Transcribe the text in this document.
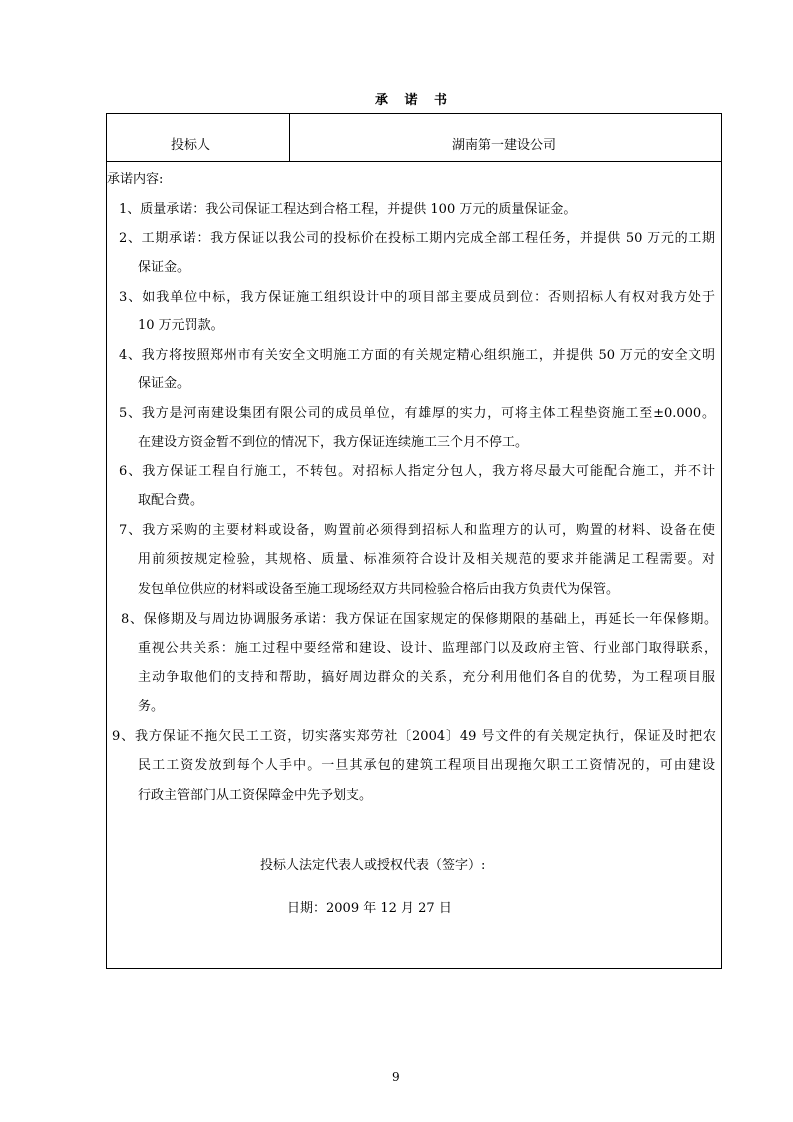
承 诺 书
投标人	湖南第一建设公司
承诺内容:
1、质量承诺：我公司保证工程达到合格工程，并提供 100 万元的质量保证金。
2、工期承诺：我方保证以我公司的投标价在投标工期内完成全部工程任务，并提供 50 万元的工期
保证金。
3、如我单位中标，我方保证施工组织设计中的项目部主要成员到位：否则招标人有权对我方处于
10 万元罚款。
4、我方将按照郑州市有关安全文明施工方面的有关规定精心组织施工，并提供 50 万元的安全文明
保证金。
5、我方是河南建设集团有限公司的成员单位，有雄厚的实力，可将主体工程垫资施工至±0.000。
在建设方资金暂不到位的情况下，我方保证连续施工三个月不停工。
6、我方保证工程自行施工，不转包。对招标人指定分包人，我方将尽最大可能配合施工，并不计
取配合费。
7、我方采购的主要材料或设备，购置前必须得到招标人和监理方的认可，购置的材料、设备在使
用前须按规定检验，其规格、质量、标准须符合设计及相关规范的要求并能满足工程需要。对
发包单位供应的材料或设备至施工现场经双方共同检验合格后由我方负责代为保管。
8、保修期及与周边协调服务承诺：我方保证在国家规定的保修期限的基础上，再延长一年保修期。
重视公共关系：施工过程中要经常和建设、设计、监理部门以及政府主管、行业部门取得联系，
主动争取他们的支持和帮助，搞好周边群众的关系，充分利用他们各自的优势，为工程项目服
务。
9、我方保证不拖欠民工工资，切实落实郑劳社〔2004〕49 号文件的有关规定执行，保证及时把农
民工工资发放到每个人手中。一旦其承包的建筑工程项目出现拖欠职工工资情况的，可由建设
行政主管部门从工资保障金中先予划支。
投标人法定代表人或授权代表（签字）:
日期：2009 年 12 月 27 日
9
